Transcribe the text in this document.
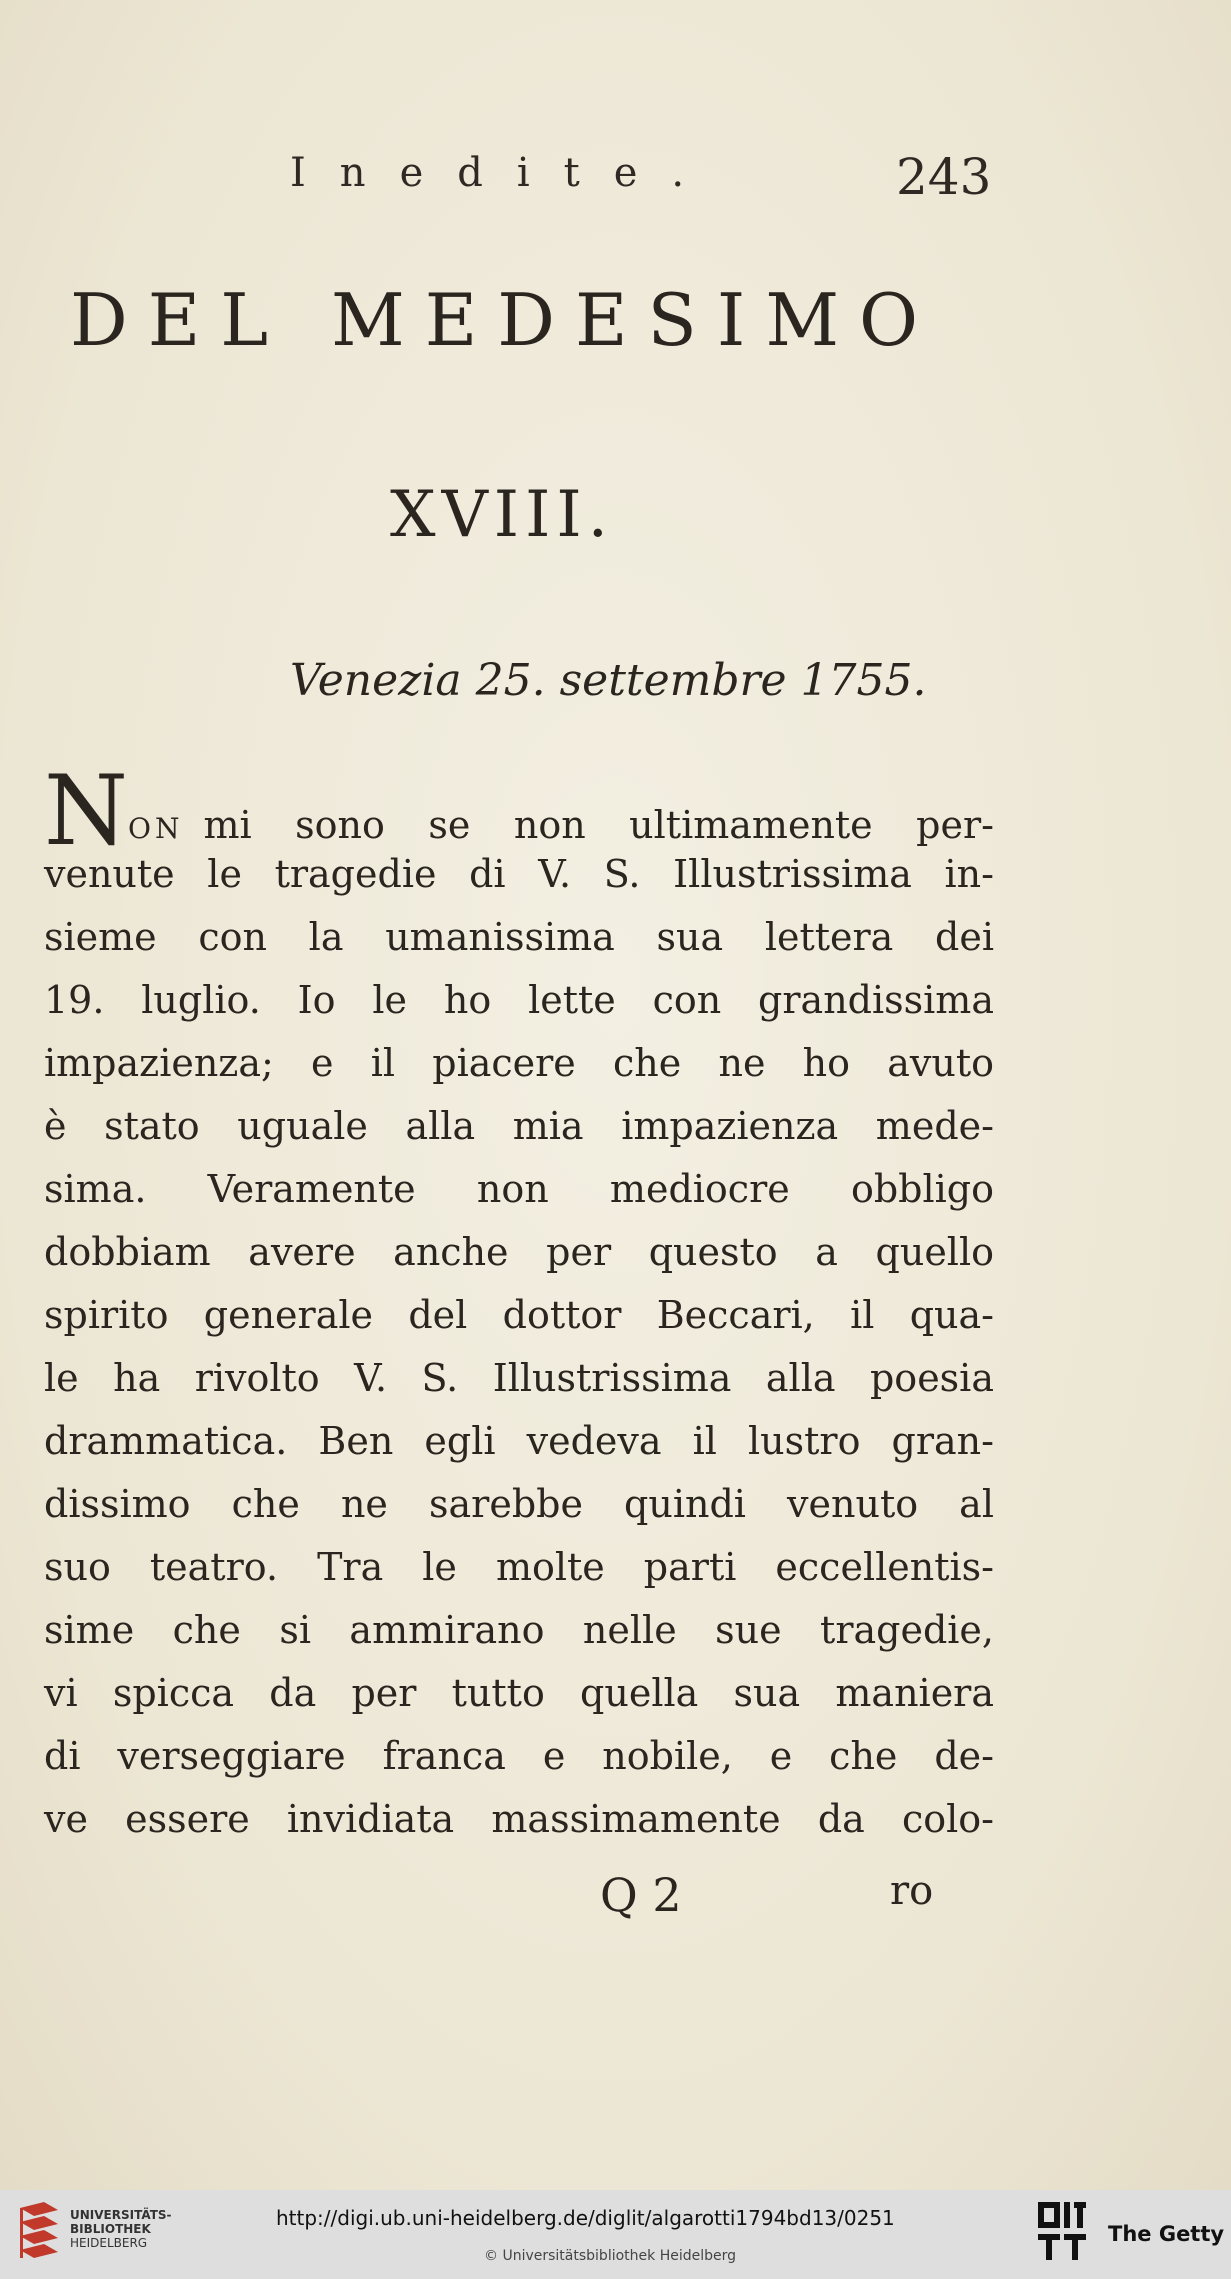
Inedite.	243
DEL MEDESIMO
XVIII.
Venezia 25. settembre 1755.
NON mi sono se non ultimamente per-
venute le tragedie di V. S. Illustrissima in-
sieme con la umanissima sua lettera dei
19. luglio. Io le ho lette con grandissima
impazienza; e il piacere che ne ho avuto
è stato uguale alla mia impazienza mede-
sima. Veramente non mediocre obbligo
dobbiam avere anche per questo a quello
spirito generale del dottor Beccari, il qua-
le ha rivolto V. S. Illustrissima alla poesia
drammatica. Ben egli vedeva il lustro gran-
dissimo che ne sarebbe quindi venuto al
suo teatro. Tra le molte parti eccellentis-
sime che si ammirano nelle sue tragedie,
vi spicca da per tutto quella sua maniera
di verseggiare franca e nobile, e che de-
ve essere invidiata massimamente da colo-
Q 2	ro
UNIVERSITÄTS-
BIBLIOTHEK
HEIDELBERG
http://digi.ub.uni-heidelberg.de/diglit/algarotti1794bd13/0251
© Universitätsbibliothek Heidelberg
The Getty
